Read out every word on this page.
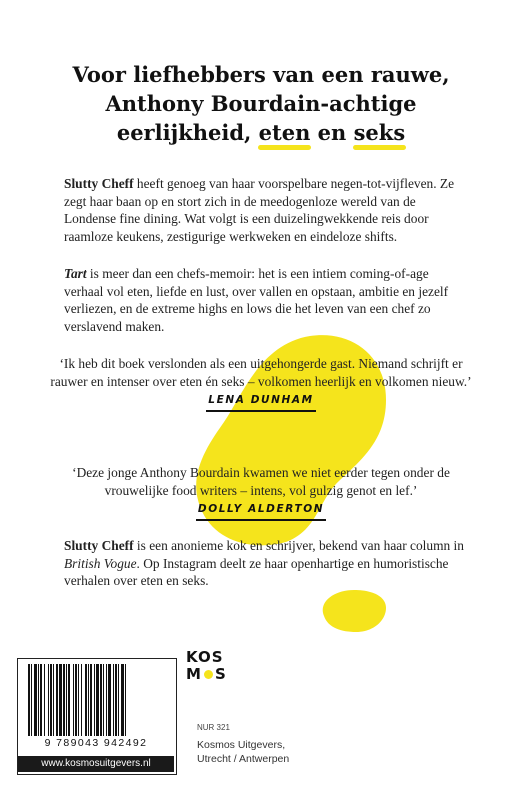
Voor liefhebbers van een rauwe,
Anthony Bourdain-achtige
eerlijkheid, eten en seks
Slutty Cheff heeft genoeg van haar voorspelbare negen-tot-vijfleven. Ze zegt haar baan op en stort zich in de meedogenloze wereld van de Londense fine dining. Wat volgt is een duizelingwekkende reis door raamloze keukens, zestigurige werkweken en eindeloze shifts.
Tart is meer dan een chefs-memoir: het is een intiem coming-of-age verhaal vol eten, liefde en lust, over vallen en opstaan, ambitie en jezelf verliezen, en de extreme highs en lows die het leven van een chef zo verslavend maken.
‘Ik heb dit boek verslonden als een uitgehongerde gast. Niemand schrijft er rauwer en intenser over eten én seks – volkomen heerlijk en volkomen nieuw.’
LENA DUNHAM
‘Deze jonge Anthony Bourdain kwamen we niet eerder tegen onder de vrouwelijke food writers – intens, vol gulzig genot en lef.’
DOLLY ALDERTON
Slutty Cheff is een anonieme kok en schrijver, bekend van haar column in British Vogue. Op Instagram deelt ze haar openhartige en humoristische verhalen over eten en seks.
9 789043 942492
www.kosmosuitgevers.nl
KOS
M S
NUR 321
Kosmos Uitgevers,
Utrecht / Antwerpen
